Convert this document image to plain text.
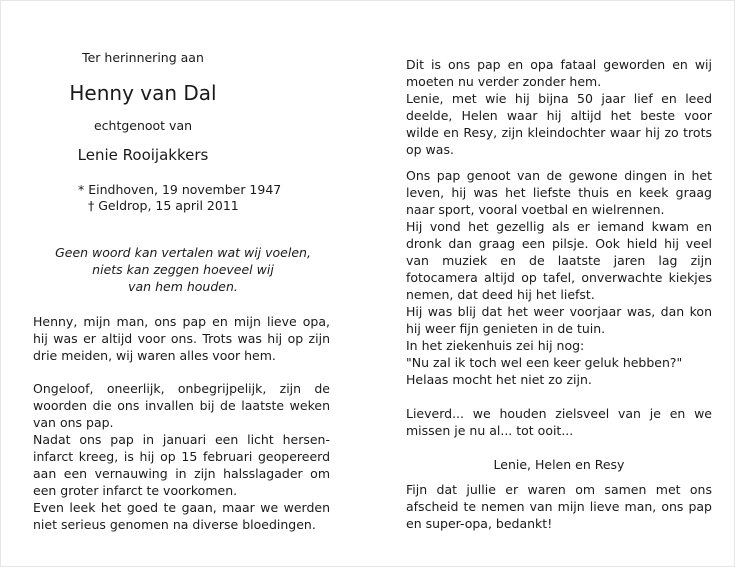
Ter herinnering aan

Henny van Dal

echtgenoot van

Lenie Rooijakkers

* Eindhoven, 19 november 1947

† Geldrop, 15 april 2011

Geen woord kan vertalen wat wij voelen,
niets kan zeggen hoeveel wij
van hem houden.

Henny, mijn man, ons pap en mijn lieve opa, hij was er altijd voor ons. Trots was hij op zijn drie meiden, wij waren alles voor hem.

Ongeloof, oneerlijk, onbegrijpelijk, zijn de woorden die ons invallen bij de laatste weken van ons pap.

Nadat ons pap in januari een licht hersen-infarct kreeg, is hij op 15 februari geopereerd aan een vernauwing in zijn halsslagader om een groter infarct te voorkomen.

Even leek het goed te gaan, maar we werden niet serieus genomen na diverse bloedingen.

Dit is ons pap en opa fataal geworden en wij moeten nu verder zonder hem.

Lenie, met wie hij bijna 50 jaar lief en leed deelde, Helen waar hij altijd het beste voor wilde en Resy, zijn kleindochter waar hij zo trots op was.

Ons pap genoot van de gewone dingen in het leven, hij was het liefste thuis en keek graag naar sport, vooral voetbal en wielrennen.

Hij vond het gezellig als er iemand kwam en dronk dan graag een pilsje. Ook hield hij veel van muziek en de laatste jaren lag zijn fotocamera altijd op tafel, onverwachte kiekjes nemen, dat deed hij het liefst.

Hij was blij dat het weer voorjaar was, dan kon hij weer fijn genieten in de tuin.

In het ziekenhuis zei hij nog:

"Nu zal ik toch wel een keer geluk hebben?"

Helaas mocht het niet zo zijn.

Lieverd... we houden zielsveel van je en we missen je nu al... tot ooit...

Lenie, Helen en Resy

Fijn dat jullie er waren om samen met ons afscheid te nemen van mijn lieve man, ons pap en super-opa, bedankt!
